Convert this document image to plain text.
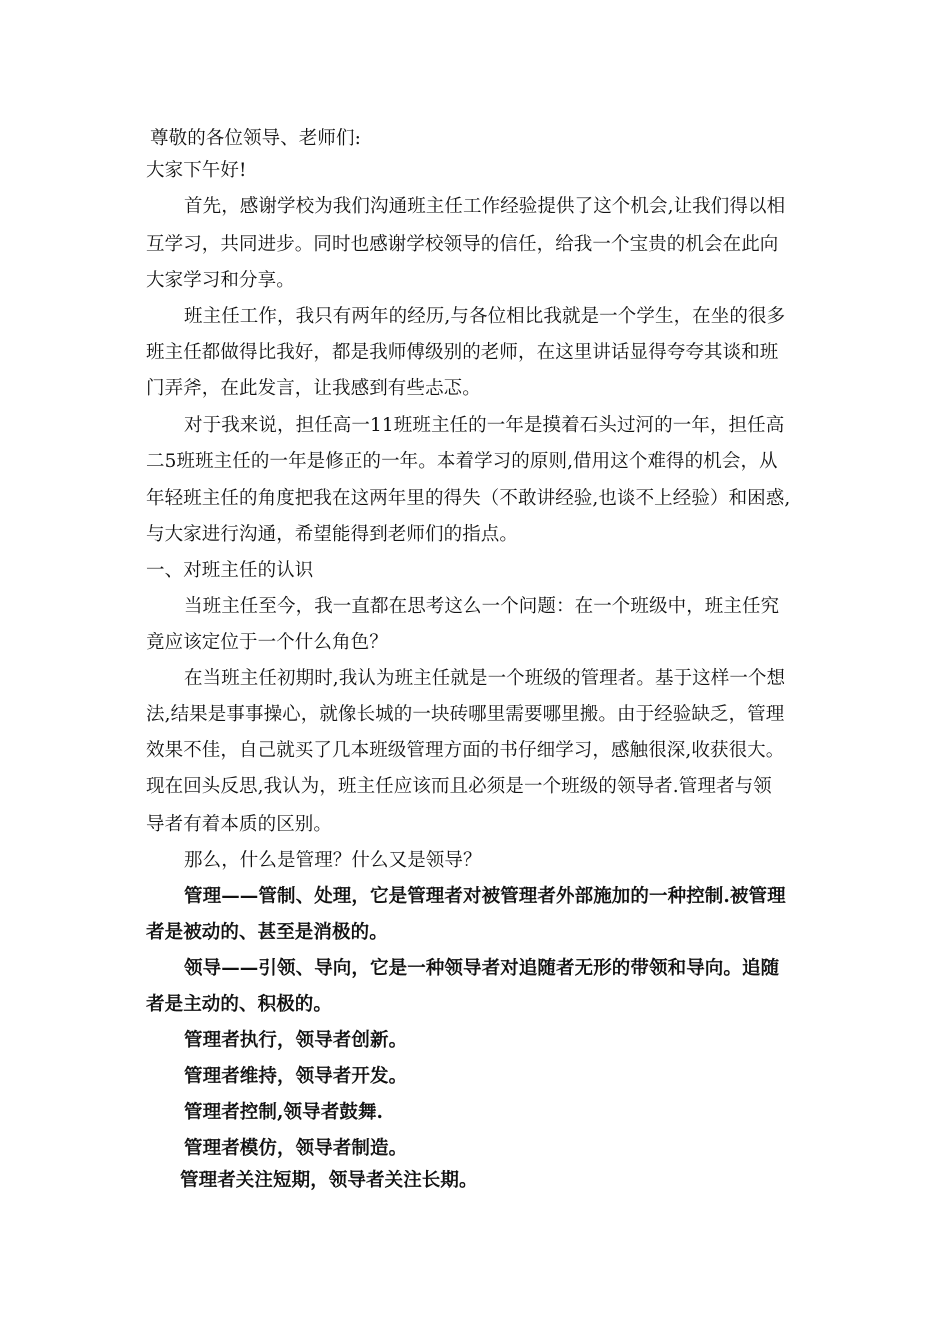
尊敬的各位领导、老师们:
大家下午好!
首先，感谢学校为我们沟通班主任工作经验提供了这个机会,让我们得以相
互学习，共同进步。同时也感谢学校领导的信任，给我一个宝贵的机会在此向
大家学习和分享。
班主任工作，我只有两年的经历,与各位相比我就是一个学生，在坐的很多
班主任都做得比我好，都是我师傅级别的老师，在这里讲话显得夸夸其谈和班
门弄斧，在此发言，让我感到有些忐忑。
对于我来说，担任高一11班班主任的一年是摸着石头过河的一年，担任高
二5班班主任的一年是修正的一年。本着学习的原则,借用这个难得的机会，从
年轻班主任的角度把我在这两年里的得失（不敢讲经验,也谈不上经验）和困惑,
与大家进行沟通，希望能得到老师们的指点。
一、对班主任的认识
当班主任至今，我一直都在思考这么一个问题：在一个班级中，班主任究
竟应该定位于一个什么角色？
在当班主任初期时,我认为班主任就是一个班级的管理者。基于这样一个想
法,结果是事事操心，就像长城的一块砖哪里需要哪里搬。由于经验缺乏，管理
效果不佳，自己就买了几本班级管理方面的书仔细学习，感触很深,收获很大。
现在回头反思,我认为，班主任应该而且必须是一个班级的领导者.管理者与领
导者有着本质的区别。
那么，什么是管理？什么又是领导？
管理——管制、处理，它是管理者对被管理者外部施加的一种控制.被管理
者是被动的、甚至是消极的。
领导——引领、导向，它是一种领导者对追随者无形的带领和导向。追随
者是主动的、积极的。
管理者执行，领导者创新。
管理者维持，领导者开发。
管理者控制,领导者鼓舞.
管理者模仿，领导者制造。
管理者关注短期，领导者关注长期。
